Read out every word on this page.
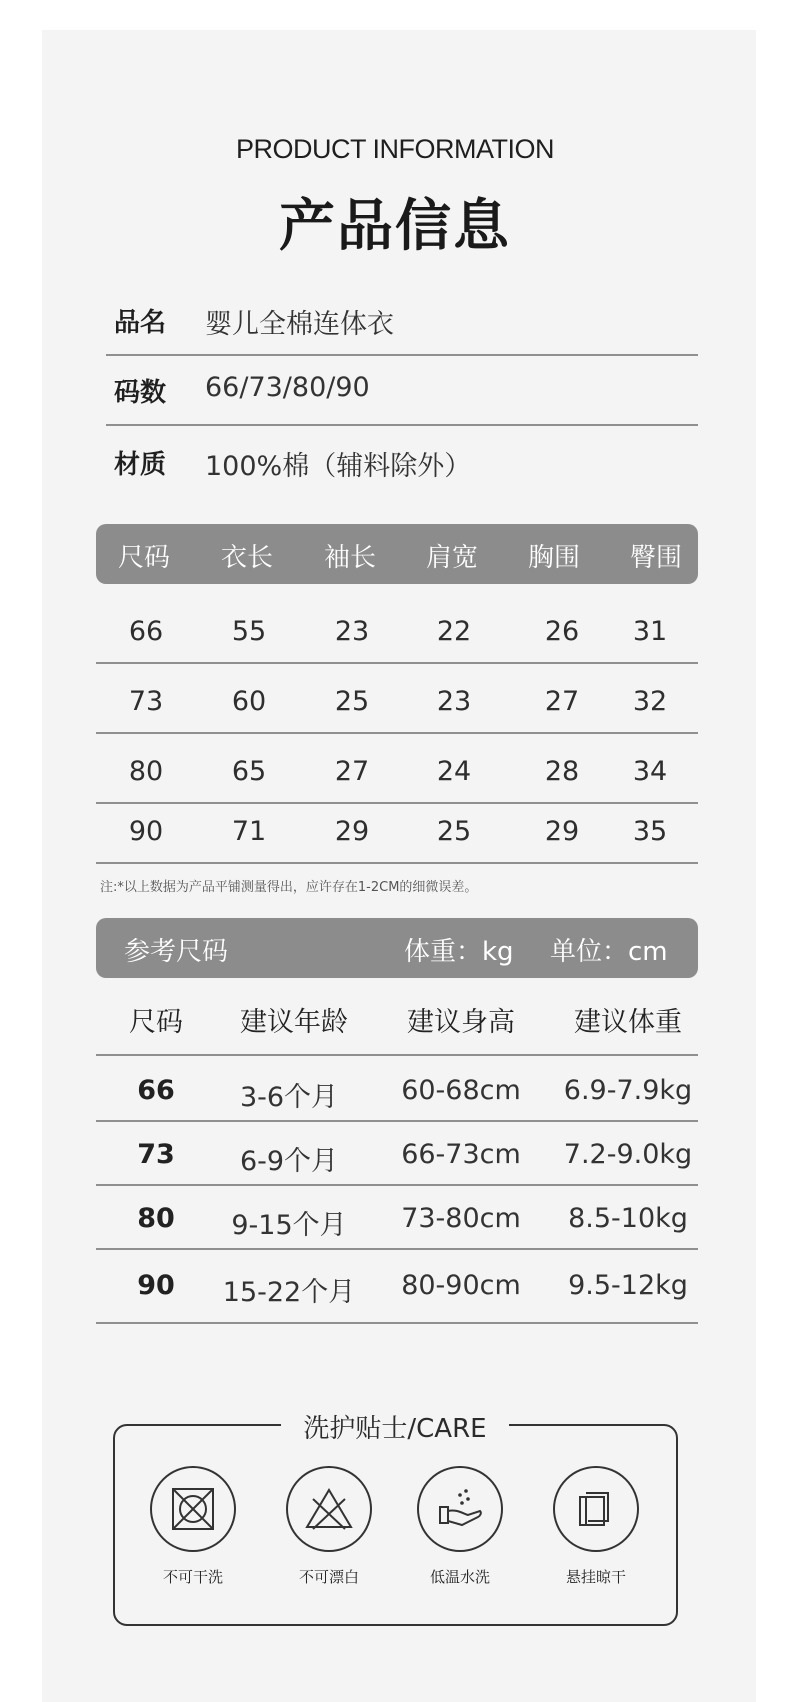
PRODUCT INFORMATION
产品信息
品名 婴儿全棉连体衣
码数 66/73/80/90
材质 100%棉（辅料除外）
尺码 衣长 袖长 肩宽 胸围 臀围
66	55	23	22	26 31
73	60	25	23	27 32
80	65	27	24	28 34
90	71	29	25	29 35
注:*以上数据为产品平铺测量得出，应许存在1-2CM的细微误差。
参考尺码	体重：kg 单位：cm
尺码 建议年龄 建议身高 建议体重
66 3-6个月 60-68cm 6.9-7.9kg
73 6-9个月 66-73cm 7.2-9.0kg
80 9-15个月 73-80cm 8.5-10kg
90 15-22个月 80-90cm 9.5-12kg
洗护贴士/CARE
不可干洗	不可漂白	低温水洗	悬挂晾干
